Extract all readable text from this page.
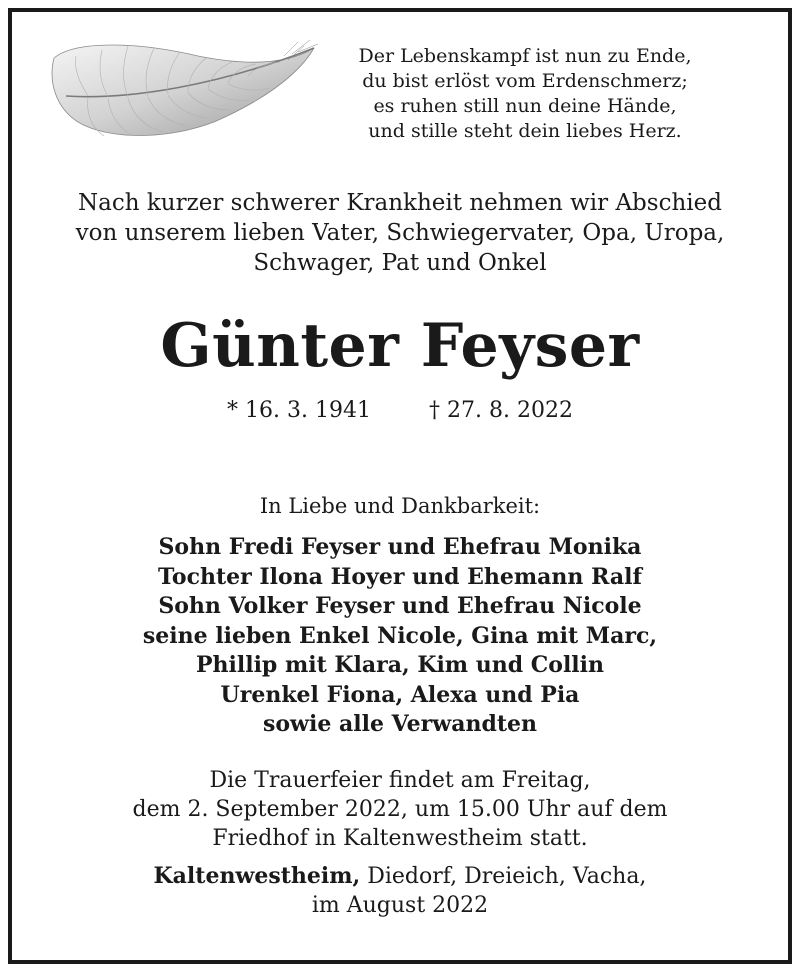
Der Lebenskampf ist nun zu Ende,
du bist erlöst vom Erdenschmerz;
es ruhen still nun deine Hände,
und stille steht dein liebes Herz.
Nach kurzer schwerer Krankheit nehmen wir Abschied
von unserem lieben Vater, Schwiegervater, Opa, Uropa,
Schwager, Pat und Onkel
Günter Feyser
* 16. 3. 1941	† 27. 8. 2022
In Liebe und Dankbarkeit:
Sohn Fredi Feyser und Ehefrau Monika
Tochter Ilona Hoyer und Ehemann Ralf
Sohn Volker Feyser und Ehefrau Nicole
seine lieben Enkel Nicole, Gina mit Marc,
Phillip mit Klara, Kim und Collin
Urenkel Fiona, Alexa und Pia
sowie alle Verwandten
Die Trauerfeier findet am Freitag,
dem 2. September 2022, um 15.00 Uhr auf dem
Friedhof in Kaltenwestheim statt.
Kaltenwestheim, Diedorf, Dreieich, Vacha,
im August 2022
